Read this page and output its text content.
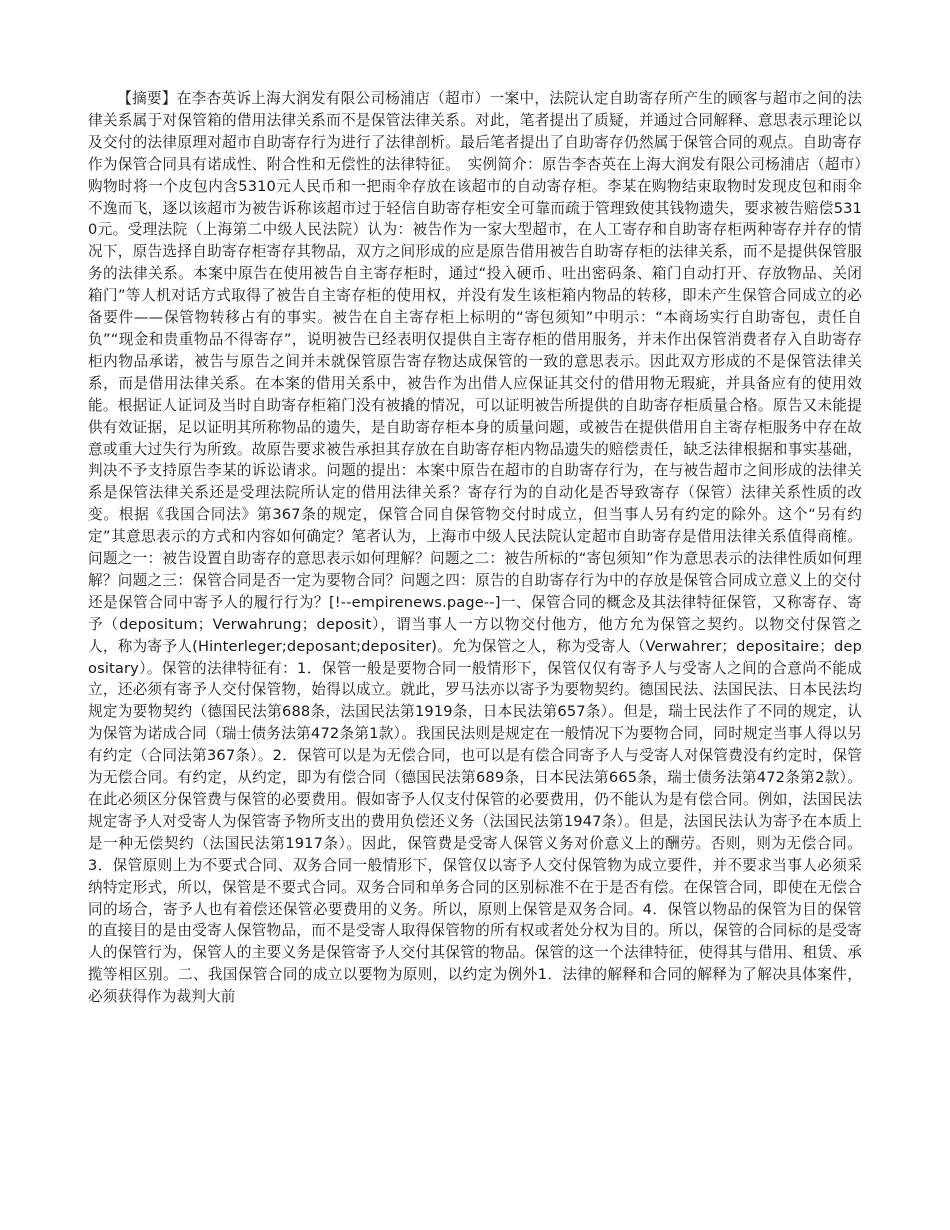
【摘要】在李杏英诉上海大润发有限公司杨浦店（超市）一案中，法院认定自助寄存所产生的顾客与超市之间的法律关系属于对保管箱的借用法律关系而不是保管法律关系。对此，笔者提出了质疑，并通过合同解释、意思表示理论以及交付的法律原理对超市自助寄存行为进行了法律剖析。最后笔者提出了自助寄存仍然属于保管合同的观点。自助寄存作为保管合同具有诺成性、附合性和无偿性的法律特征。　实例简介：原告李杏英在上海大润发有限公司杨浦店（超市）购物时将一个皮包内含5310元人民币和一把雨伞存放在该超市的自动寄存柜。李某在购物结束取物时发现皮包和雨伞不逸而飞，逐以该超市为被告诉称该超市过于轻信自助寄存柜安全可靠而疏于管理致使其钱物遗失，要求被告赔偿5310元。受理法院（上海第二中级人民法院）认为：被告作为一家大型超市，在人工寄存和自助寄存柜两种寄存并存的情况下，原告选择自助寄存柜寄存其物品，双方之间形成的应是原告借用被告自助寄存柜的法律关系，而不是提供保管服务的法律关系。本案中原告在使用被告自主寄存柜时，通过“投入硬币、吐出密码条、箱门自动打开、存放物品、关闭箱门”等人机对话方式取得了被告自主寄存柜的使用权，并没有发生该柜箱内物品的转移，即未产生保管合同成立的必备要件——保管物转移占有的事实。被告在自主寄存柜上标明的“寄包须知”中明示：“本商场实行自助寄包，责任自负”“现金和贵重物品不得寄存”，说明被告已经表明仅提供自主寄存柜的借用服务，并未作出保管消费者存入自助寄存柜内物品承诺，被告与原告之间并未就保管原告寄存物达成保管的一致的意思表示。因此双方形成的不是保管法律关系，而是借用法律关系。在本案的借用关系中，被告作为出借人应保证其交付的借用物无瑕疵，并具备应有的使用效能。根据证人证词及当时自助寄存柜箱门没有被撬的情况，可以证明被告所提供的自助寄存柜质量合格。原告又未能提供有效证据，足以证明其所称物品的遗失，是自助寄存柜本身的质量问题，或被告在提供借用自主寄存柜服务中存在故意或重大过失行为所致。故原告要求被告承担其存放在自助寄存柜内物品遗失的赔偿责任，缺乏法律根据和事实基础，判决不予支持原告李某的诉讼请求。问题的提出：本案中原告在超市的自助寄存行为，在与被告超市之间形成的法律关系是保管法律关系还是受理法院所认定的借用法律关系？寄存行为的自动化是否导致寄存（保管）法律关系性质的改变。根据《我国合同法》第367条的规定，保管合同自保管物交付时成立，但当事人另有约定的除外。这个“另有约定”其意思表示的方式和内容如何确定？笔者认为，上海市中级人民法院认定超市自助寄存是借用法律关系值得商榷。问题之一：被告设置自助寄存的意思表示如何理解？问题之二：被告所标的“寄包须知”作为意思表示的法律性质如何理解？问题之三：保管合同是否一定为要物合同？问题之四：原告的自助寄存行为中的存放是保管合同成立意义上的交付还是保管合同中寄予人的履行行为？[!--empirenews.page--]一、保管合同的概念及其法律特征保管，又称寄存、寄予（depositum；Verwahrung；deposit），谓当事人一方以物交付他方，他方允为保管之契约。以物交付保管之人，称为寄予人(Hinterleger;deposant;depositer)。允为保管之人，称为受寄人（Verwahrer；depositaire；depositary）。保管的法律特征有：1．保管一般是要物合同一般情形下，保管仅仅有寄予人与受寄人之间的合意尚不能成立，还必须有寄予人交付保管物，始得以成立。就此，罗马法亦以寄予为要物契约。德国民法、法国民法、日本民法均规定为要物契约（德国民法第688条，法国民法第1919条，日本民法第657条）。但是，瑞士民法作了不同的规定，认为保管为诺成合同（瑞士债务法第472条第1款）。我国民法则是规定在一般情况下为要物合同，同时规定当事人得以另有约定（合同法第367条）。2．保管可以是为无偿合同，也可以是有偿合同寄予人与受寄人对保管费没有约定时，保管为无偿合同。有约定，从约定，即为有偿合同（德国民法第689条，日本民法第665条，瑞士债务法第472条第2款）。在此必须区分保管费与保管的必要费用。假如寄予人仅支付保管的必要费用，仍不能认为是有偿合同。例如，法国民法规定寄予人对受寄人为保管寄予物所支出的费用负偿还义务（法国民法第1947条）。但是，法国民法认为寄予在本质上是一种无偿契约（法国民法第1917条）。因此，保管费是受寄人保管义务对价意义上的酬劳。否则，则为无偿合同。3．保管原则上为不要式合同、双务合同一般情形下，保管仅以寄予人交付保管物为成立要件，并不要求当事人必须采纳特定形式，所以，保管是不要式合同。双务合同和单务合同的区别标准不在于是否有偿。在保管合同，即使在无偿合同的场合，寄予人也有着偿还保管必要费用的义务。所以，原则上保管是双务合同。4．保管以物品的保管为目的保管的直接目的是由受寄人保管物品，而不是受寄人取得保管物的所有权或者处分权为目的。所以，保管的合同标的是受寄人的保管行为，保管人的主要义务是保管寄予人交付其保管的物品。保管的这一个法律特征，使得其与借用、租赁、承揽等相区别。二、我国保管合同的成立以要物为原则，以约定为例外1．法律的解释和合同的解释为了解决具体案件，必须获得作为裁判大前
